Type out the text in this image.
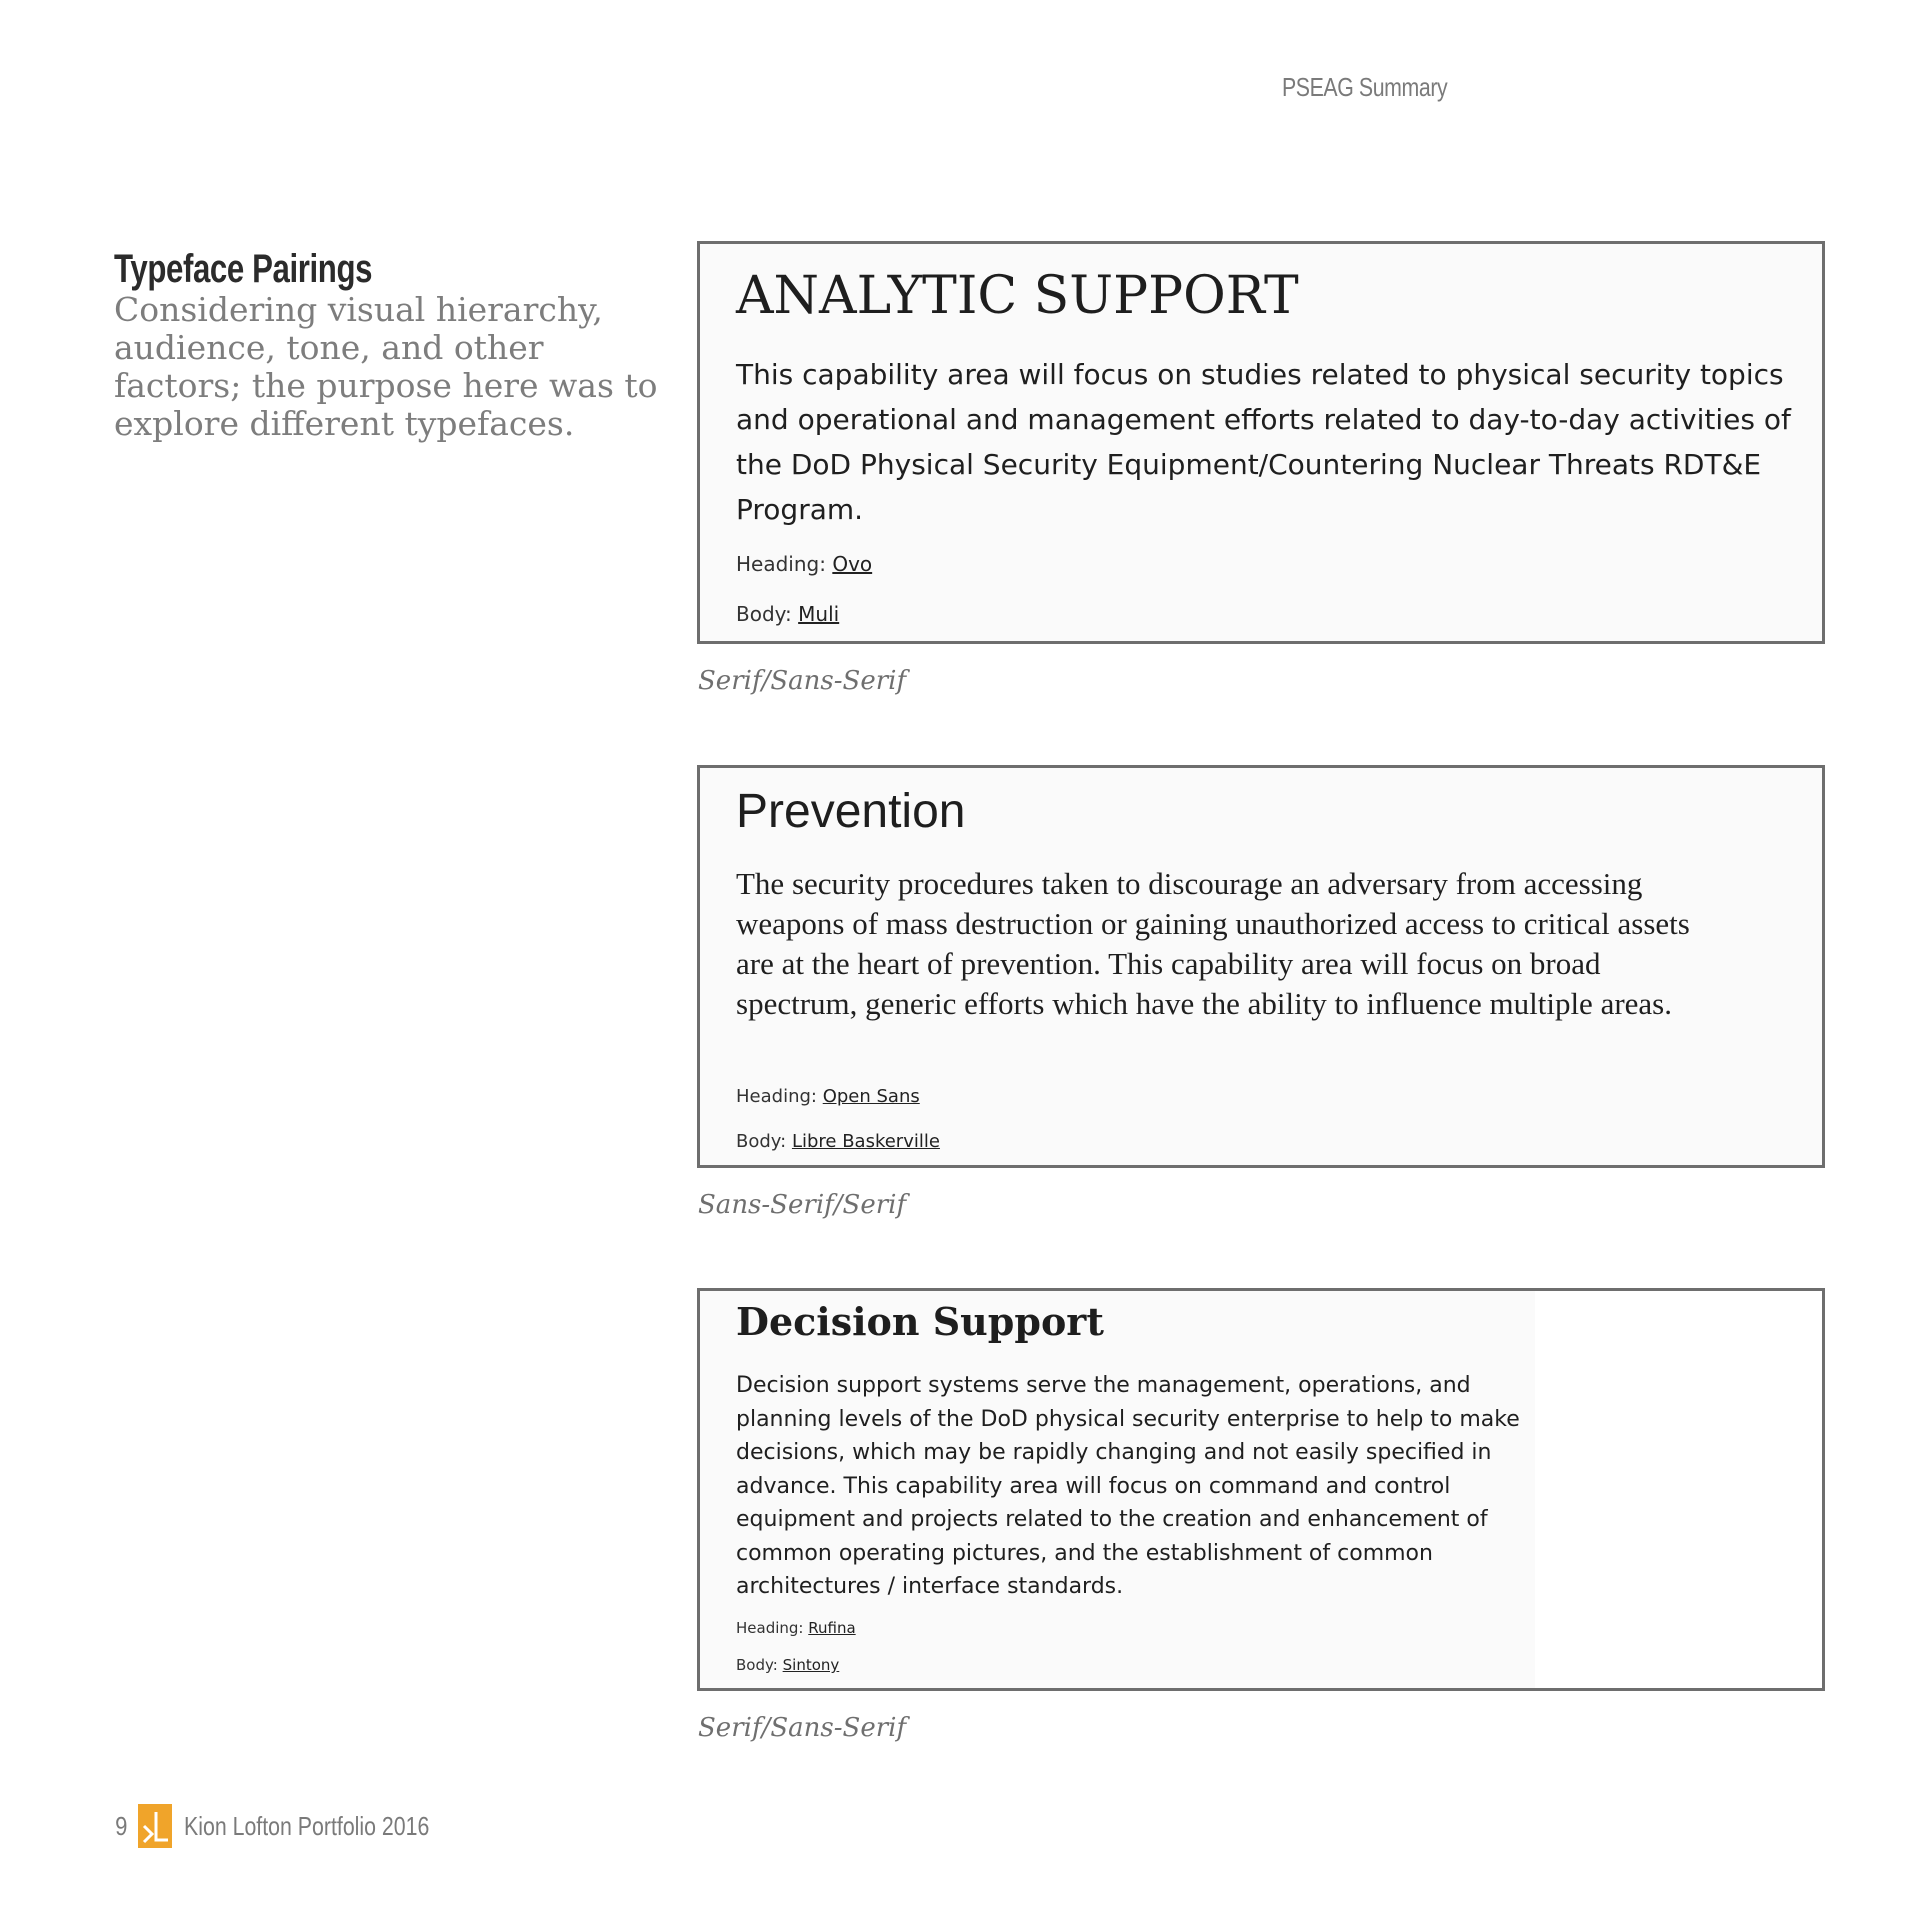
PSEAG Summary
Typeface Pairings
Considering visual hierarchy, audience, tone, and other factors; the purpose here was to explore different typefaces.
ANALYTIC SUPPORT
This capability area will focus on studies related to physical security topics and operational and management efforts related to day-to-day activities of the DoD Physical Security Equipment/Countering Nuclear Threats RDT&E Program.
Heading: Ovo
Body: Muli
Serif/Sans-Serif
Prevention
The security procedures taken to discourage an adversary from accessing weapons of mass destruction or gaining unauthorized access to critical assets are at the heart of prevention. This capability area will focus on broad spectrum, generic efforts which have the ability to influence multiple areas.
Heading: Open Sans
Body: Libre Baskerville
Sans-Serif/Serif
Decision Support
Decision support systems serve the management, operations, and planning levels of the DoD physical security enterprise to help to make decisions, which may be rapidly changing and not easily specified in advance. This capability area will focus on command and control equipment and projects related to the creation and enhancement of common operating pictures, and the establishment of common architectures / interface standards.
Heading: Rufina
Body: Sintony
Serif/Sans-Serif
9 Kion Lofton Portfolio 2016
